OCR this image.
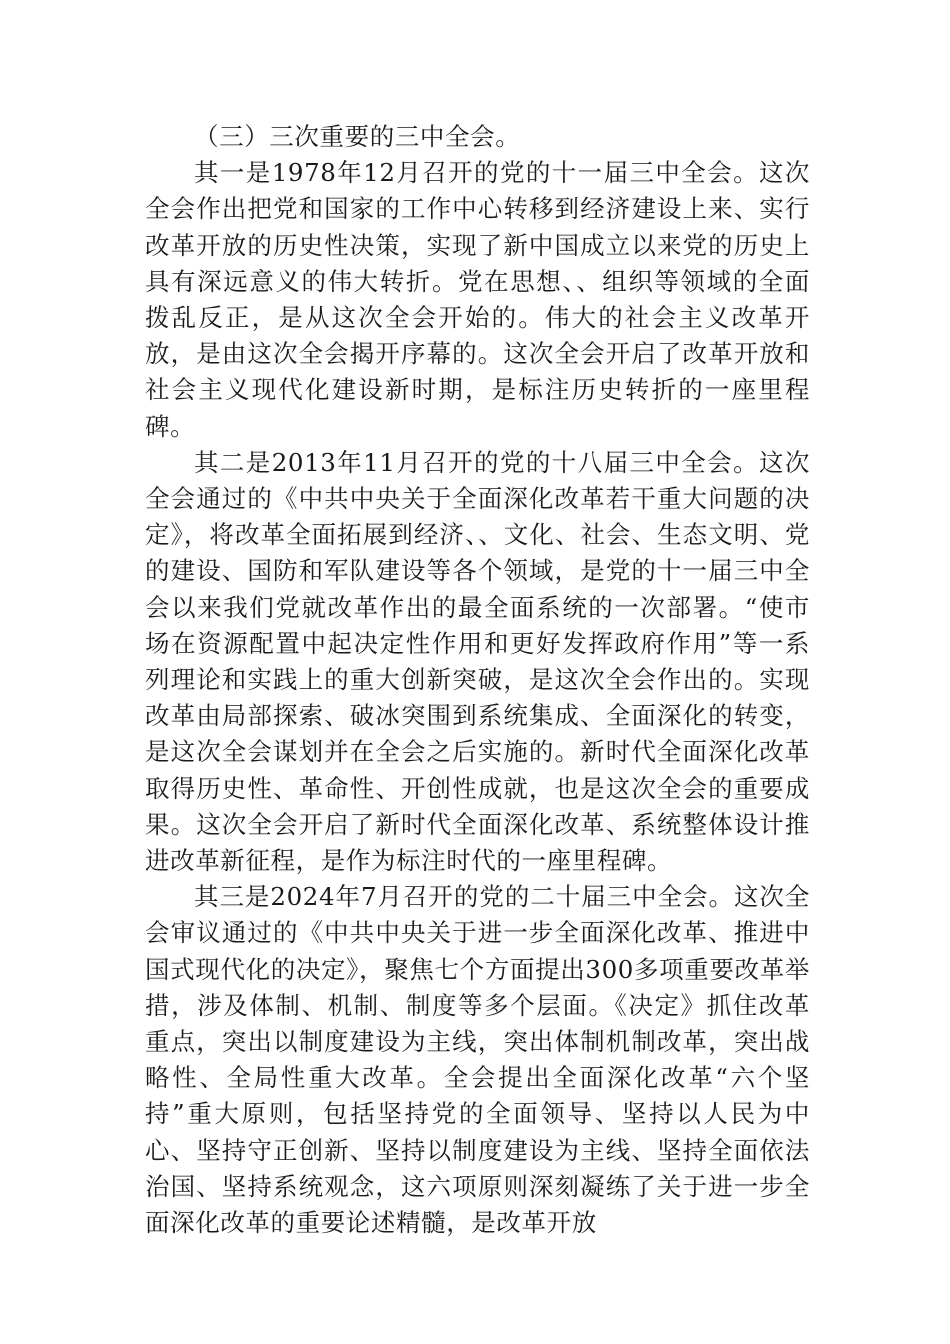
（三）三次重要的三中全会。

其一是1978年12月召开的党的十一届三中全会。这次全会作出把党和国家的工作中心转移到经济建设上来、实行改革开放的历史性决策，实现了新中国成立以来党的历史上具有深远意义的伟大转折。党在思想、、组织等领域的全面拨乱反正，是从这次全会开始的。伟大的社会主义改革开放，是由这次全会揭开序幕的。这次全会开启了改革开放和社会主义现代化建设新时期，是标注历史转折的一座里程碑。

其二是2013年11月召开的党的十八届三中全会。这次全会通过的《中共中央关于全面深化改革若干重大问题的决定》，将改革全面拓展到经济、、文化、社会、生态文明、党的建设、国防和军队建设等各个领域，是党的十一届三中全会以来我们党就改革作出的最全面系统的一次部署。“使市场在资源配置中起决定性作用和更好发挥政府作用”等一系列理论和实践上的重大创新突破，是这次全会作出的。实现改革由局部探索、破冰突围到系统集成、全面深化的转变，是这次全会谋划并在全会之后实施的。新时代全面深化改革取得历史性、革命性、开创性成就，也是这次全会的重要成果。这次全会开启了新时代全面深化改革、系统整体设计推进改革新征程，是作为标注时代的一座里程碑。

其三是2024年7月召开的党的二十届三中全会。这次全会审议通过的《中共中央关于进一步全面深化改革、推进中国式现代化的决定》，聚焦七个方面提出300多项重要改革举措，涉及体制、机制、制度等多个层面。《决定》抓住改革重点，突出以制度建设为主线，突出体制机制改革，突出战略性、全局性重大改革。全会提出全面深化改革“六个坚持”重大原则，包括坚持党的全面领导、坚持以人民为中心、坚持守正创新、坚持以制度建设为主线、坚持全面依法治国、坚持系统观念，这六项原则深刻凝练了关于进一步全面深化改革的重要论述精髓，是改革开放
